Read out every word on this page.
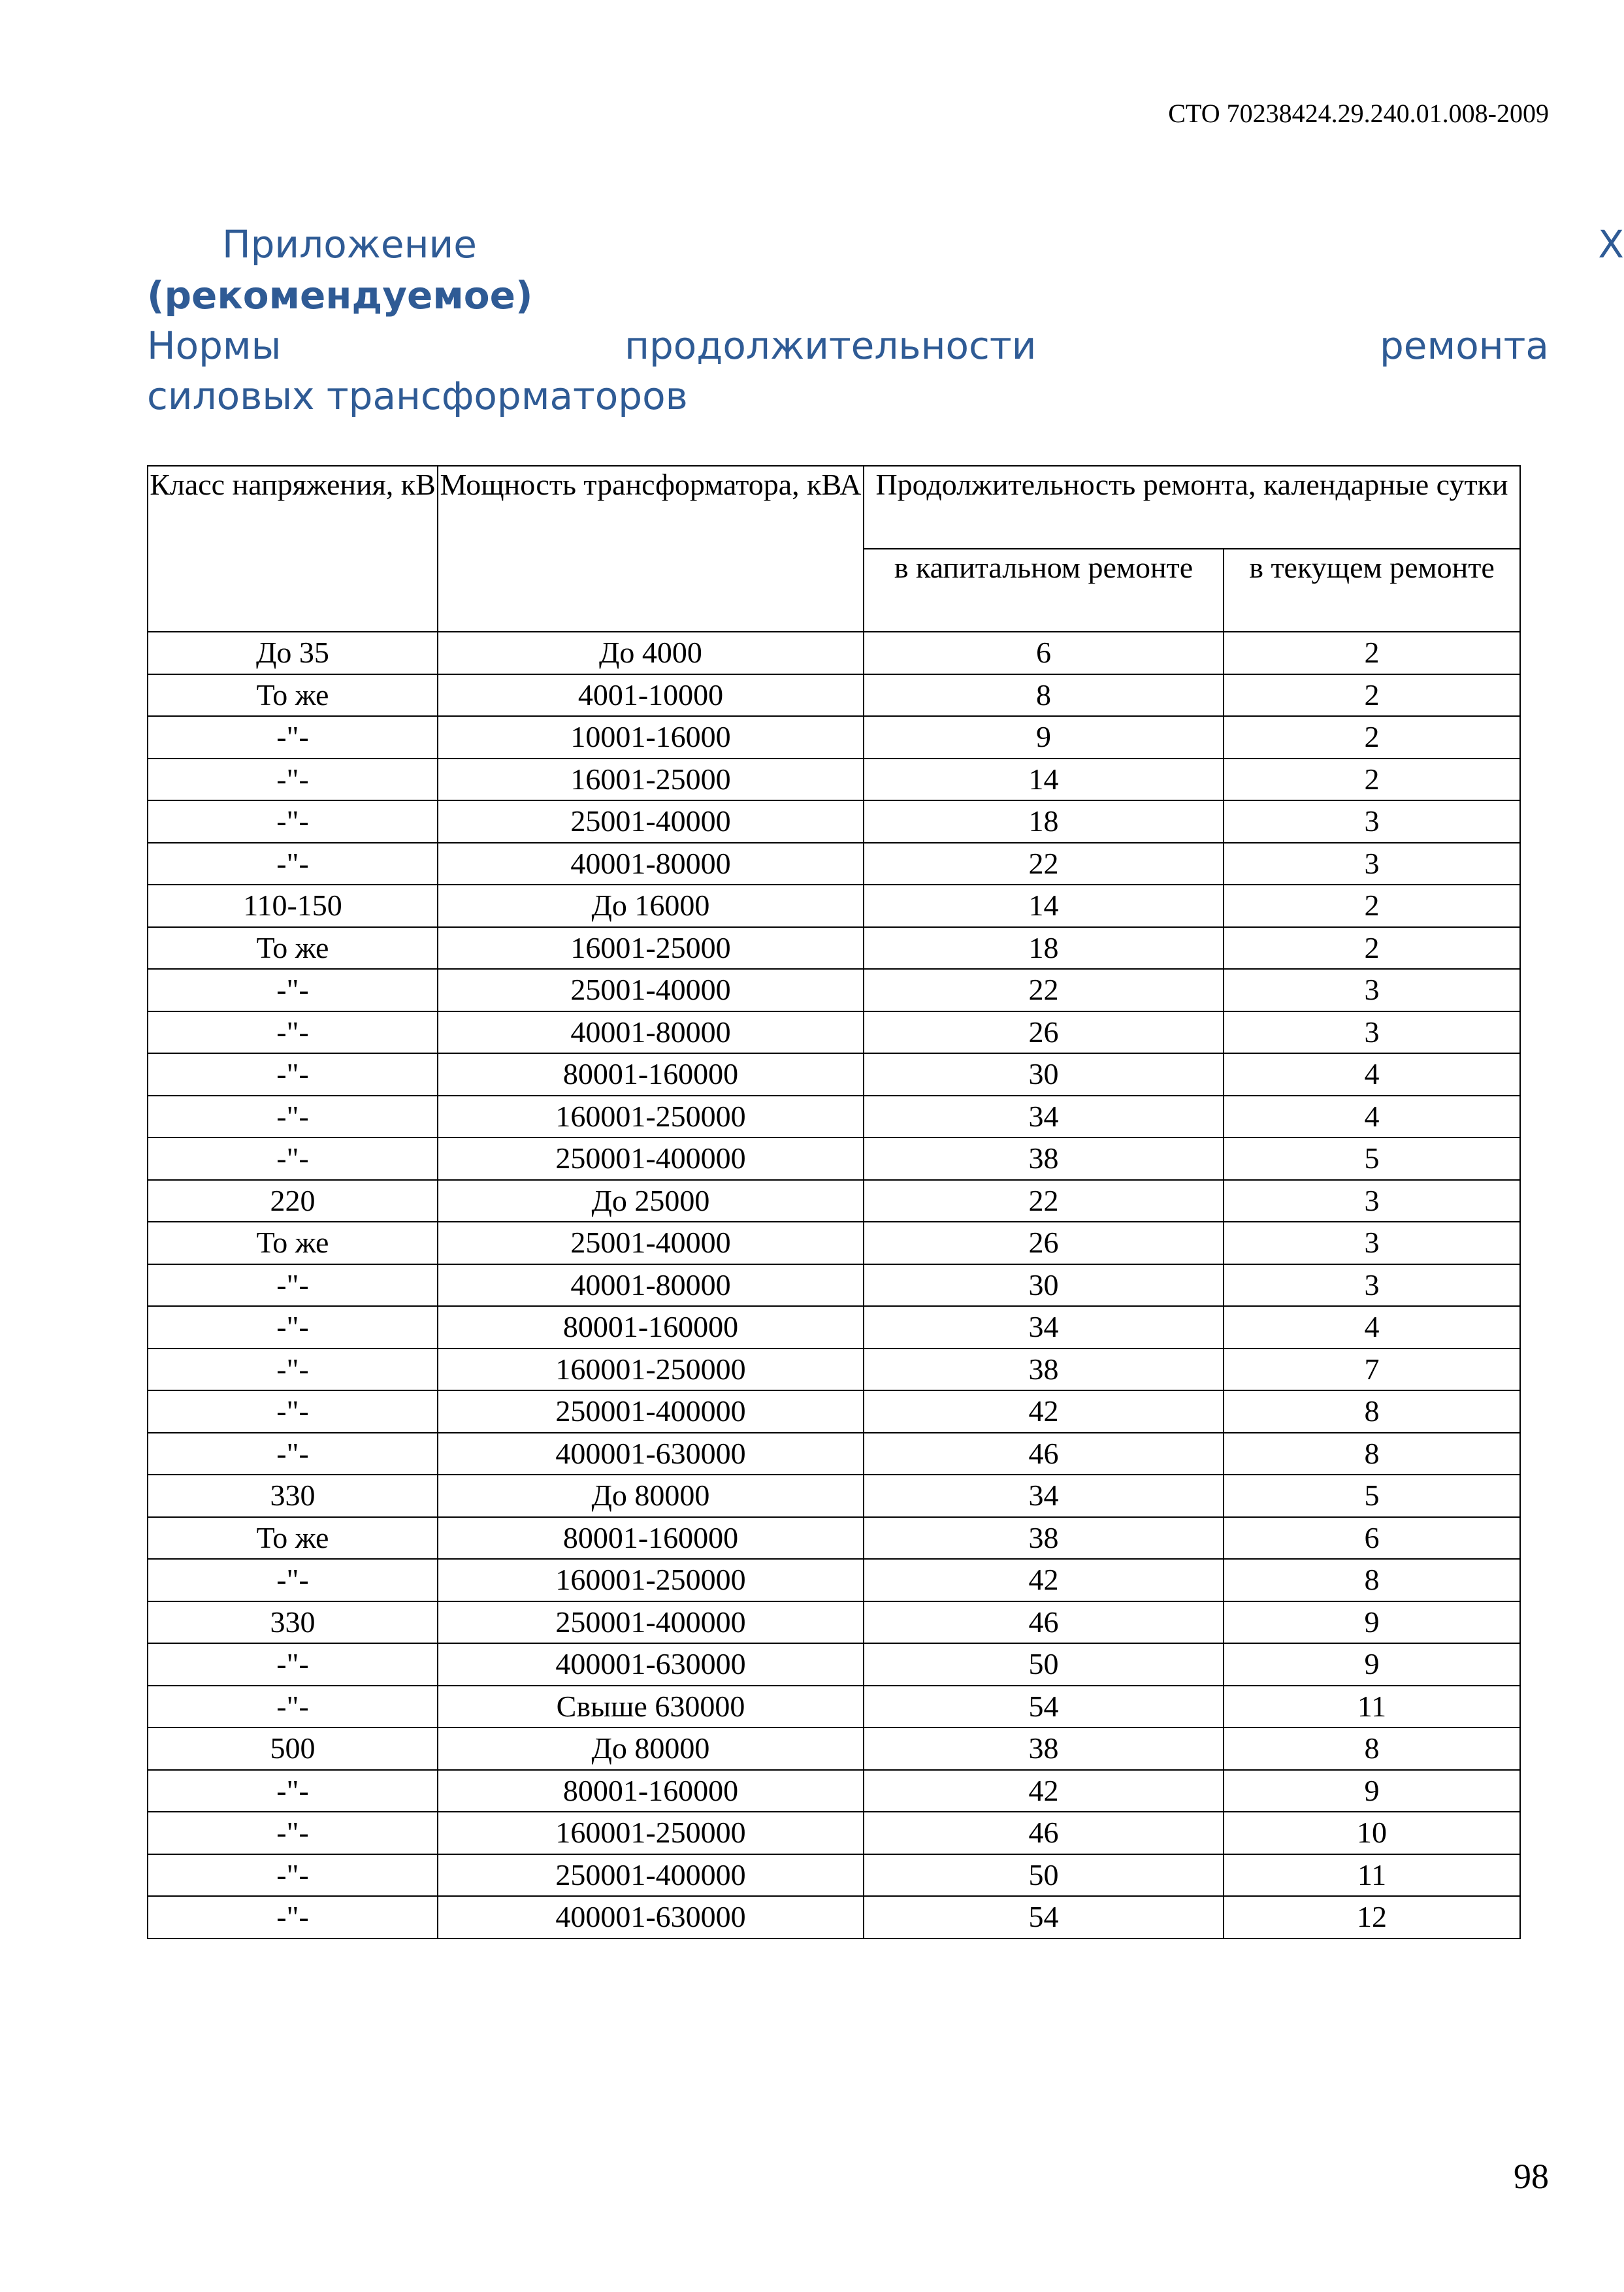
СТО 70238424.29.240.01.008-2009
Приложение	Х
(рекомендуемое)
Нормы	продолжительности	ремонта
силовых трансформаторов
Класс напряжения, кВ	Мощность трансформатора, кВА	Продолжительность ремонта, календарные сутки	
		в капитальном ремонте	в текущем ремонте
До 35	До 4000	6	2
То же	4001-10000	8	2
-"-	10001-16000	9	2
-"-	16001-25000	14	2
-"-	25001-40000	18	3
-"-	40001-80000	22	3
110-150	До 16000	14	2
То же	16001-25000	18	2
-"-	25001-40000	22	3
-"-	40001-80000	26	3
-"-	80001-160000	30	4
-"-	160001-250000	34	4
-"-	250001-400000	38	5
220	До 25000	22	3
То же	25001-40000	26	3
-"-	40001-80000	30	3
-"-	80001-160000	34	4
-"-	160001-250000	38	7
-"-	250001-400000	42	8
-"-	400001-630000	46	8
330	До 80000	34	5
То же	80001-160000	38	6
-"-	160001-250000	42	8
330	250001-400000	46	9
-"-	400001-630000	50	9
-"-	Свыше 630000	54	11
500	До 80000	38	8
-"-	80001-160000	42	9
-"-	160001-250000	46	10
-"-	250001-400000	50	11
-"-	400001-630000	54	12
98
